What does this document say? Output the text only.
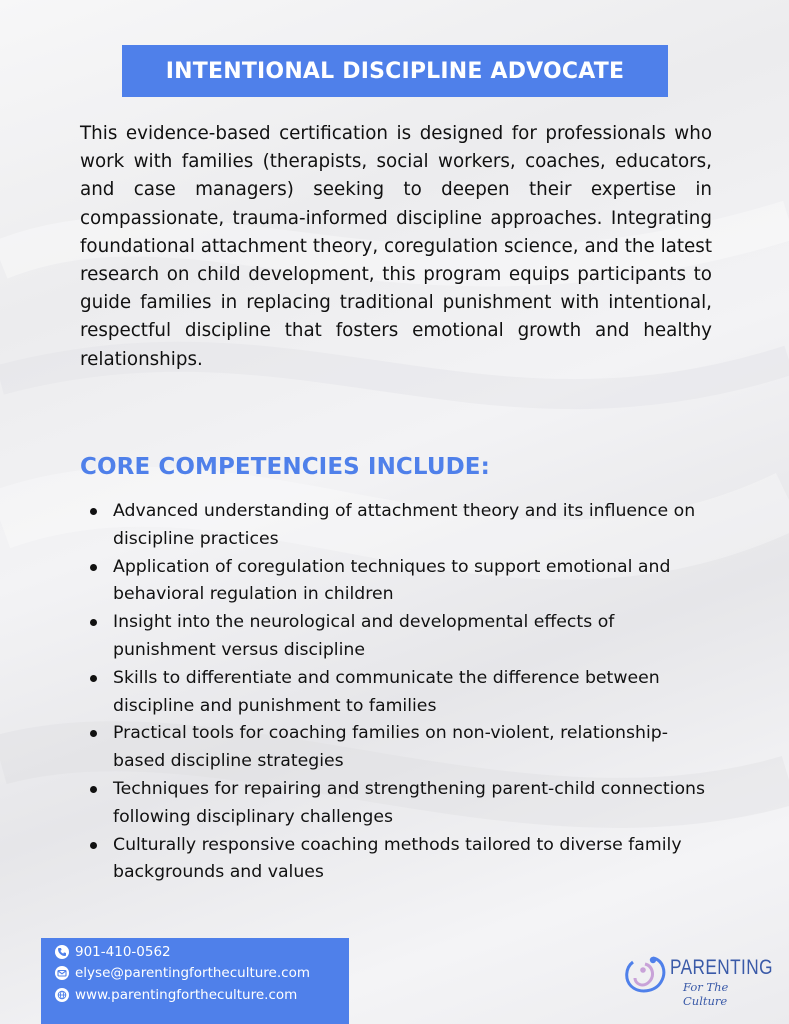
INTENTIONAL DISCIPLINE ADVOCATE

This evidence-based certification is designed for professionals who work with families (therapists, social workers, coaches, educators, and case managers) seeking to deepen their expertise in compassionate, trauma-informed discipline approaches. Integrating foundational attachment theory, coregulation science, and the latest research on child development, this program equips participants to guide families in replacing traditional punishment with intentional, respectful discipline that fosters emotional growth and healthy relationships.

CORE COMPETENCIES INCLUDE:
Advanced understanding of attachment theory and its influence on discipline practices
Application of coregulation techniques to support emotional and behavioral regulation in children
Insight into the neurological and developmental effects of punishment versus discipline
Skills to differentiate and communicate the difference between discipline and punishment to families
Practical tools for coaching families on non-violent, relationship-based discipline strategies
Techniques for repairing and strengthening parent-child connections following disciplinary challenges
Culturally responsive coaching methods tailored to diverse family backgrounds and values
901-410-0562
elyse@parentingfortheculture.com
www.parentingfortheculture.com
PARENTING
For The Culture
